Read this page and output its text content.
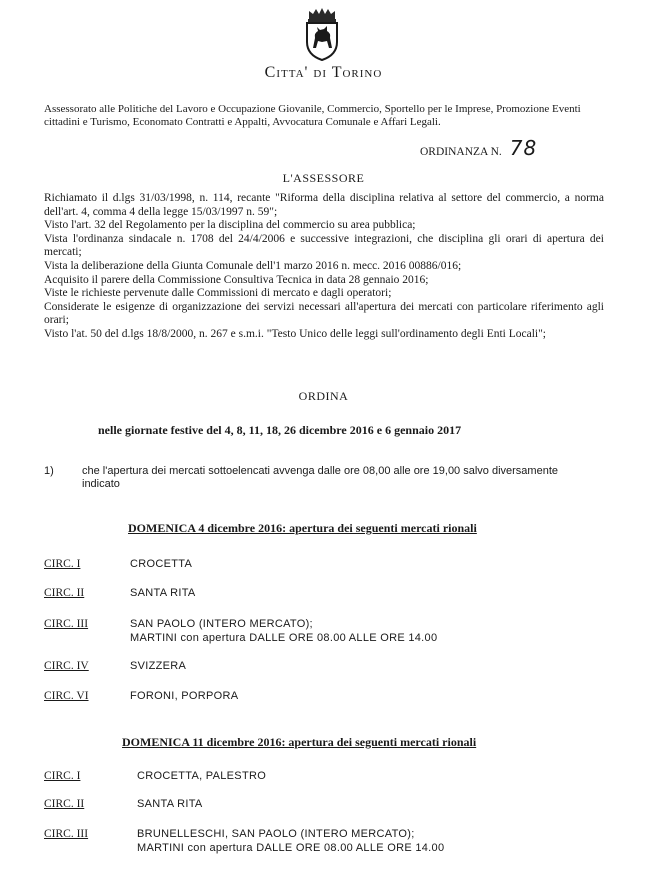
Citta' di Torino
Assessorato alle Politiche del Lavoro e Occupazione Giovanile, Commercio, Sportello per le Imprese, Promozione Eventi cittadini e Turismo, Economato Contratti e Appalti, Avvocatura Comunale e Affari Legali.
ORDINANZA N. 78
L'ASSESSORE

Richiamato il d.lgs 31/03/1998, n. 114, recante "Riforma della disciplina relativa al settore del commercio, a norma dell'art. 4, comma 4 della legge 15/03/1997 n. 59";

Visto l'art. 32 del Regolamento per la disciplina del commercio su area pubblica;

Vista l'ordinanza sindacale n. 1708 del 24/4/2006 e successive integrazioni, che disciplina gli orari di apertura dei mercati;

Vista la deliberazione della Giunta Comunale dell'1 marzo 2016 n. mecc. 2016 00886/016;

Acquisito il parere della Commissione Consultiva Tecnica in data 28 gennaio 2016;

Viste le richieste pervenute dalle Commissioni di mercato e dagli operatori;

Considerate le esigenze di organizzazione dei servizi necessari all'apertura dei mercati con particolare riferimento agli orari;

Visto l'at. 50 del d.lgs 18/8/2000, n. 267 e s.m.i. "Testo Unico delle leggi sull'ordinamento degli Enti Locali";

ORDINA
nelle giornate festive del 4, 8, 11, 18, 26 dicembre 2016 e 6 gennaio 2017
1)	che l'apertura dei mercati sottoelencati avvenga dalle ore 08,00 alle ore 19,00 salvo diversamente indicato
DOMENICA 4 dicembre 2016: apertura dei seguenti mercati rionali
CIRC. I	CROCETTA
CIRC. II	SANTA RITA
CIRC. III	SAN PAOLO (INTERO MERCATO);
MARTINI con apertura DALLE ORE 08.00 ALLE ORE 14.00
CIRC. IV	SVIZZERA
CIRC. VI	FORONI, PORPORA
DOMENICA 11 dicembre 2016: apertura dei seguenti mercati rionali
CIRC. I	CROCETTA, PALESTRO
CIRC. II	SANTA RITA
CIRC. III	BRUNELLESCHI, SAN PAOLO (INTERO MERCATO);
MARTINI con apertura DALLE ORE 08.00 ALLE ORE 14.00
